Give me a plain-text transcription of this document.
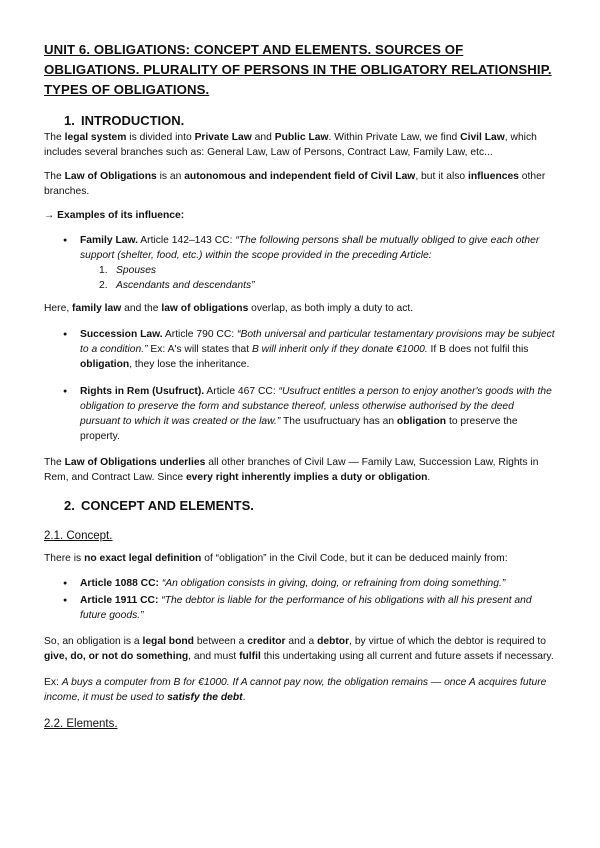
UNIT 6. OBLIGATIONS: CONCEPT AND ELEMENTS. SOURCES OF OBLIGATIONS. PLURALITY OF PERSONS IN THE OBLIGATORY RELATIONSHIP. TYPES OF OBLIGATIONS.
1. INTRODUCTION.

The legal system is divided into Private Law and Public Law. Within Private Law, we find Civil Law, which includes several branches such as: General Law, Law of Persons, Contract Law, Family Law, etc...

The Law of Obligations is an autonomous and independent field of Civil Law, but it also influences other branches.

→ Examples of its influence:
● Family Law. Article 142–143 CC: “The following persons shall be mutually obliged to give each other support (shelter, food, etc.) within the scope provided in the preceding Article:
1. Spouses
2. Ascendants and descendants”

Here, family law and the law of obligations overlap, as both imply a duty to act.

● Succession Law. Article 790 CC: “Both universal and particular testamentary provisions may be subject to a condition.” Ex: A's will states that B will inherit only if they donate €1000. If B does not fulfil this obligation, they lose the inheritance.
● Rights in Rem (Usufruct). Article 467 CC: “Usufruct entitles a person to enjoy another's goods with the obligation to preserve the form and substance thereof, unless otherwise authorised by the deed pursuant to which it was created or the law.” The usufructuary has an obligation to preserve the property.

The Law of Obligations underlies all other branches of Civil Law — Family Law, Succession Law, Rights in Rem, and Contract Law. Since every right inherently implies a duty or obligation.

2. CONCEPT AND ELEMENTS.
2.1. Concept.

There is no exact legal definition of “obligation” in the Civil Code, but it can be deduced mainly from:

● Article 1088 CC: “An obligation consists in giving, doing, or refraining from doing something.”
● Article 1911 CC: “The debtor is liable for the performance of his obligations with all his present and future goods.”

So, an obligation is a legal bond between a creditor and a debtor, by virtue of which the debtor is required to give, do, or not do something, and must fulfil this undertaking using all current and future assets if necessary.

Ex: A buys a computer from B for €1000. If A cannot pay now, the obligation remains — once A acquires future income, it must be used to satisfy the debt.

2.2. Elements.
